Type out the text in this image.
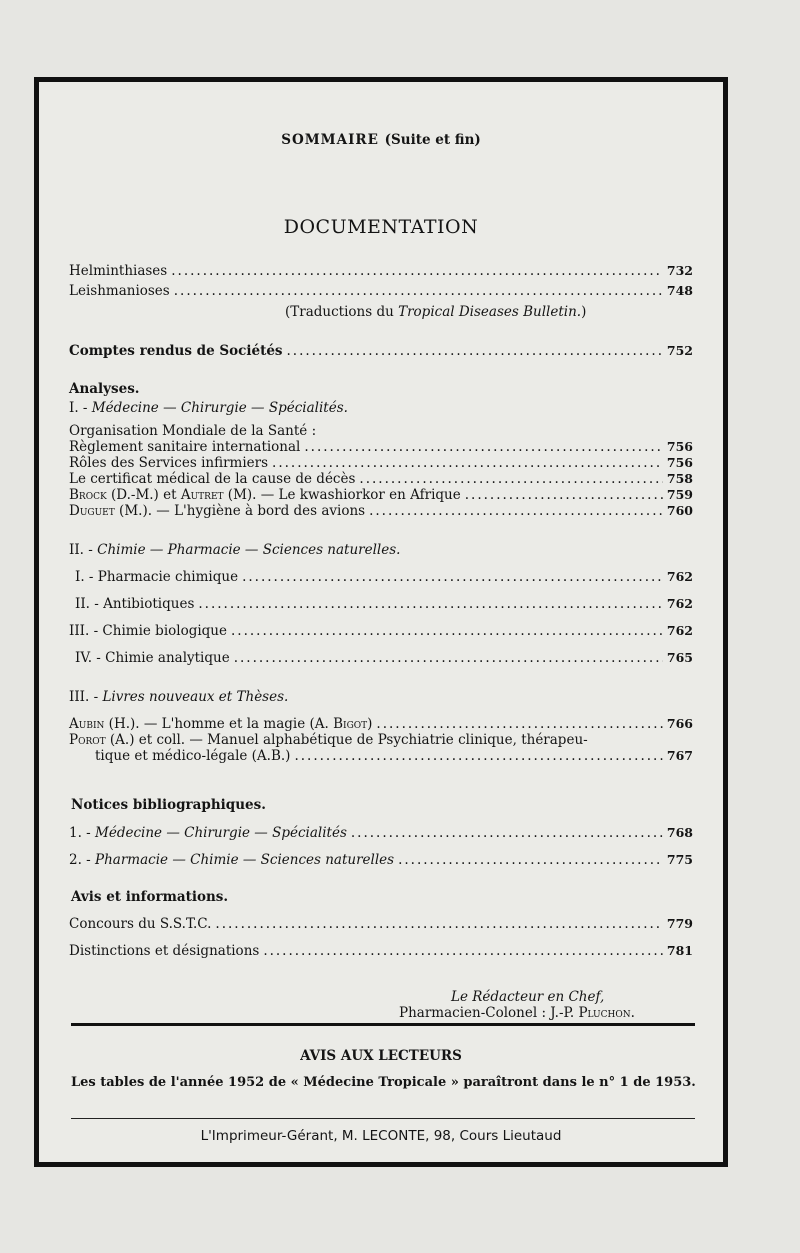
SOMMAIRE (Suite et fin)
DOCUMENTATION
Helminthiases .....	732
Leishmanioses .....	748
(Traductions du Tropical Diseases Bulletin.)
Comptes rendus de Sociétés .....	752
Analyses.
I. - Médecine — Chirurgie — Spécialités.
Organisation Mondiale de la Santé :
Règlement sanitaire international .....	756
Rôles des Services infirmiers .....	756
Le certificat médical de la cause de décès .....	758
Brock (D.-M.) et Autret (M). — Le kwashiorkor en Afrique .....	759
Duguet (M.). — L'hygiène à bord des avions .....	760
II. - Chimie — Pharmacie — Sciences naturelles.
I. - Pharmacie chimique .....	762
II. - Antibiotiques .....	762
III. - Chimie biologique .....	762
IV. - Chimie analytique .....	765
III. - Livres nouveaux et Thèses.
Aubin (H.). — L'homme et la magie (A. Bigot) .....	766
Porot (A.) et coll. — Manuel alphabétique de Psychiatrie clinique, thérapeu-
tique et médico-légale (A.B.) .....	767
Notices bibliographiques.
1. - Médecine — Chirurgie — Spécialités .....	768
2. - Pharmacie — Chimie — Sciences naturelles .....	775
Avis et informations.
Concours du S.S.T.C. .....	779
Distinctions et désignations .....	781
Le Rédacteur en Chef,
Pharmacien-Colonel : J.-P. Pluchon.
AVIS AUX LECTEURS
Les tables de l'année 1952 de « Médecine Tropicale » paraîtront dans le n° 1 de 1953.
L'Imprimeur-Gérant, M. LECONTE, 98, Cours Lieutaud
